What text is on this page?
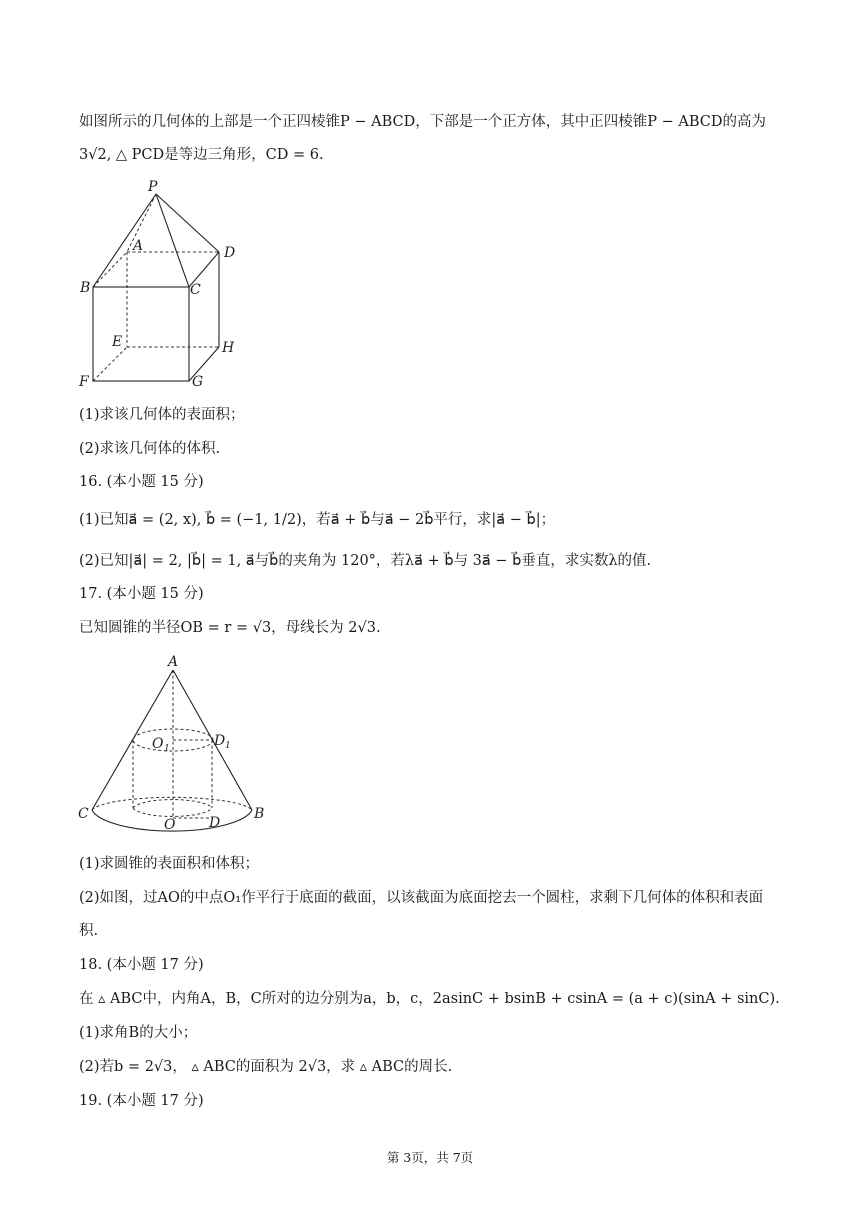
如图所示的几何体的上部是一个正四棱锥P − ABCD，下部是一个正方体，其中正四棱锥P − ABCD的高为
3√2, △ PCD是等边三角形，CD = 6.
P
A	D
B	C
E	H
F	G
(1)求该几何体的表面积；
(2)求该几何体的体积.
16. (本小题 15 分)
(1)已知a⃗ = (2, x), b⃗ = (−1, 1/2)，若a⃗ + b⃗与a⃗ − 2b⃗平行，求|a⃗ − b⃗|；
(2)已知|a⃗| = 2, |b⃗| = 1, a⃗与b⃗的夹角为 120°，若λa⃗ + b⃗与 3a⃗ − b⃗垂直，求实数λ的值.
17. (本小题 15 分)
已知圆锥的半径OB = r = √3，母线长为 2√3.
A
O 1	D 1
C
O D
B
(1)求圆锥的表面积和体积；
(2)如图，过AO的中点O₁作平行于底面的截面，以该截面为底面挖去一个圆柱，求剩下几何体的体积和表面
积.
18. (本小题 17 分)
在 ▵ ABC中，内角A，B，C所对的边分别为a，b，c，2asinC + bsinB + csinA = (a + c)(sinA + sinC).
(1)求角B的大小；
(2)若b = 2√3， ▵ ABC的面积为 2√3，求 ▵ ABC的周长.
19. (本小题 17 分)
第 3页，共 7页
